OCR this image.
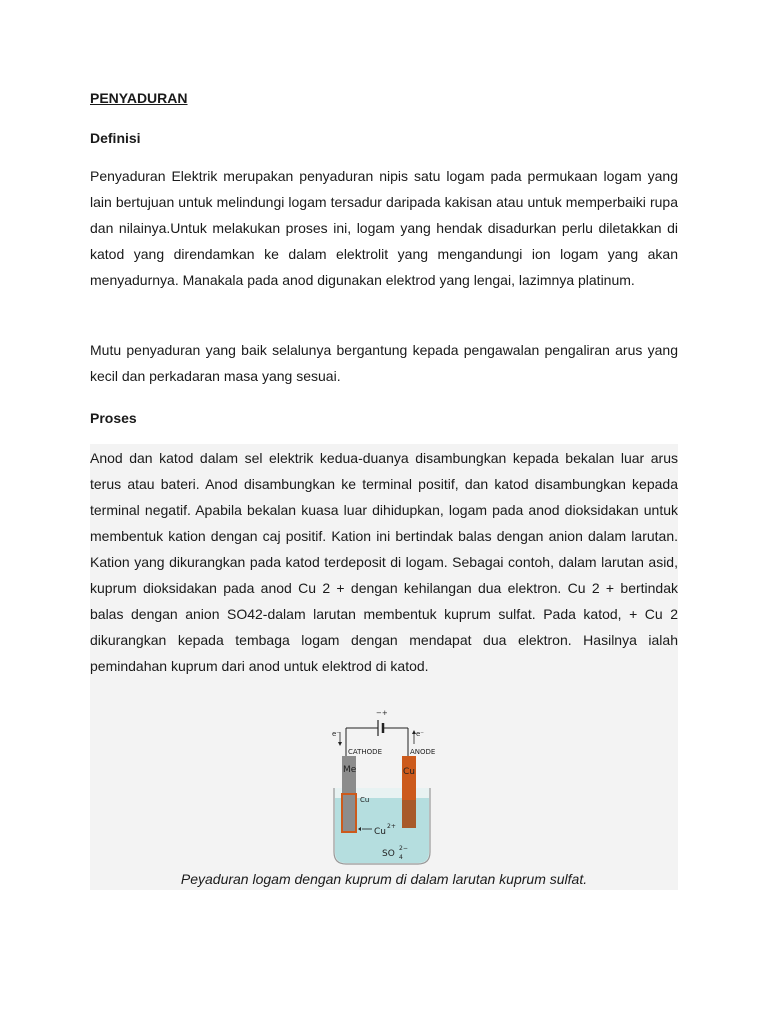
PENYADURAN
Definisi

Penyaduran Elektrik merupakan penyaduran nipis satu logam pada permukaan logam yang lain bertujuan untuk melindungi logam tersadur daripada kakisan atau untuk memperbaiki rupa dan nilainya.Untuk melakukan proses ini, logam yang hendak disadurkan perlu diletakkan di katod yang direndamkan ke dalam elektrolit yang mengandungi ion logam yang akan menyadurnya. Manakala pada anod digunakan elektrod yang lengai, lazimnya platinum.

Mutu penyaduran yang baik selalunya bergantung kepada pengawalan pengaliran arus yang kecil dan perkadaran masa yang sesuai.

Proses

Anod dan katod dalam sel elektrik kedua-duanya disambungkan kepada bekalan luar arus terus atau bateri. Anod disambungkan ke terminal positif, dan katod disambungkan kepada terminal negatif. Apabila bekalan kuasa luar dihidupkan, logam pada anod dioksidakan untuk membentuk kation dengan caj positif. Kation ini bertindak balas dengan anion dalam larutan. Kation yang dikurangkan pada katod terdeposit di logam. Sebagai contoh, dalam larutan asid, kuprum dioksidakan pada anod Cu 2 + dengan kehilangan dua elektron. Cu 2 + bertindak balas dengan anion SO42-dalam larutan membentuk kuprum sulfat. Pada katod, + Cu 2 dikurangkan kepada tembaga logam dengan mendapat dua elektron. Hasilnya ialah pemindahan kuprum dari anod untuk elektrod di katod.

−+
e⁻	e⁻
CATHODE	ANODE
Me
Cu
Cu
Cu
2+
SO 4
2−
Peyaduran logam dengan kuprum di dalam larutan kuprum sulfat.
